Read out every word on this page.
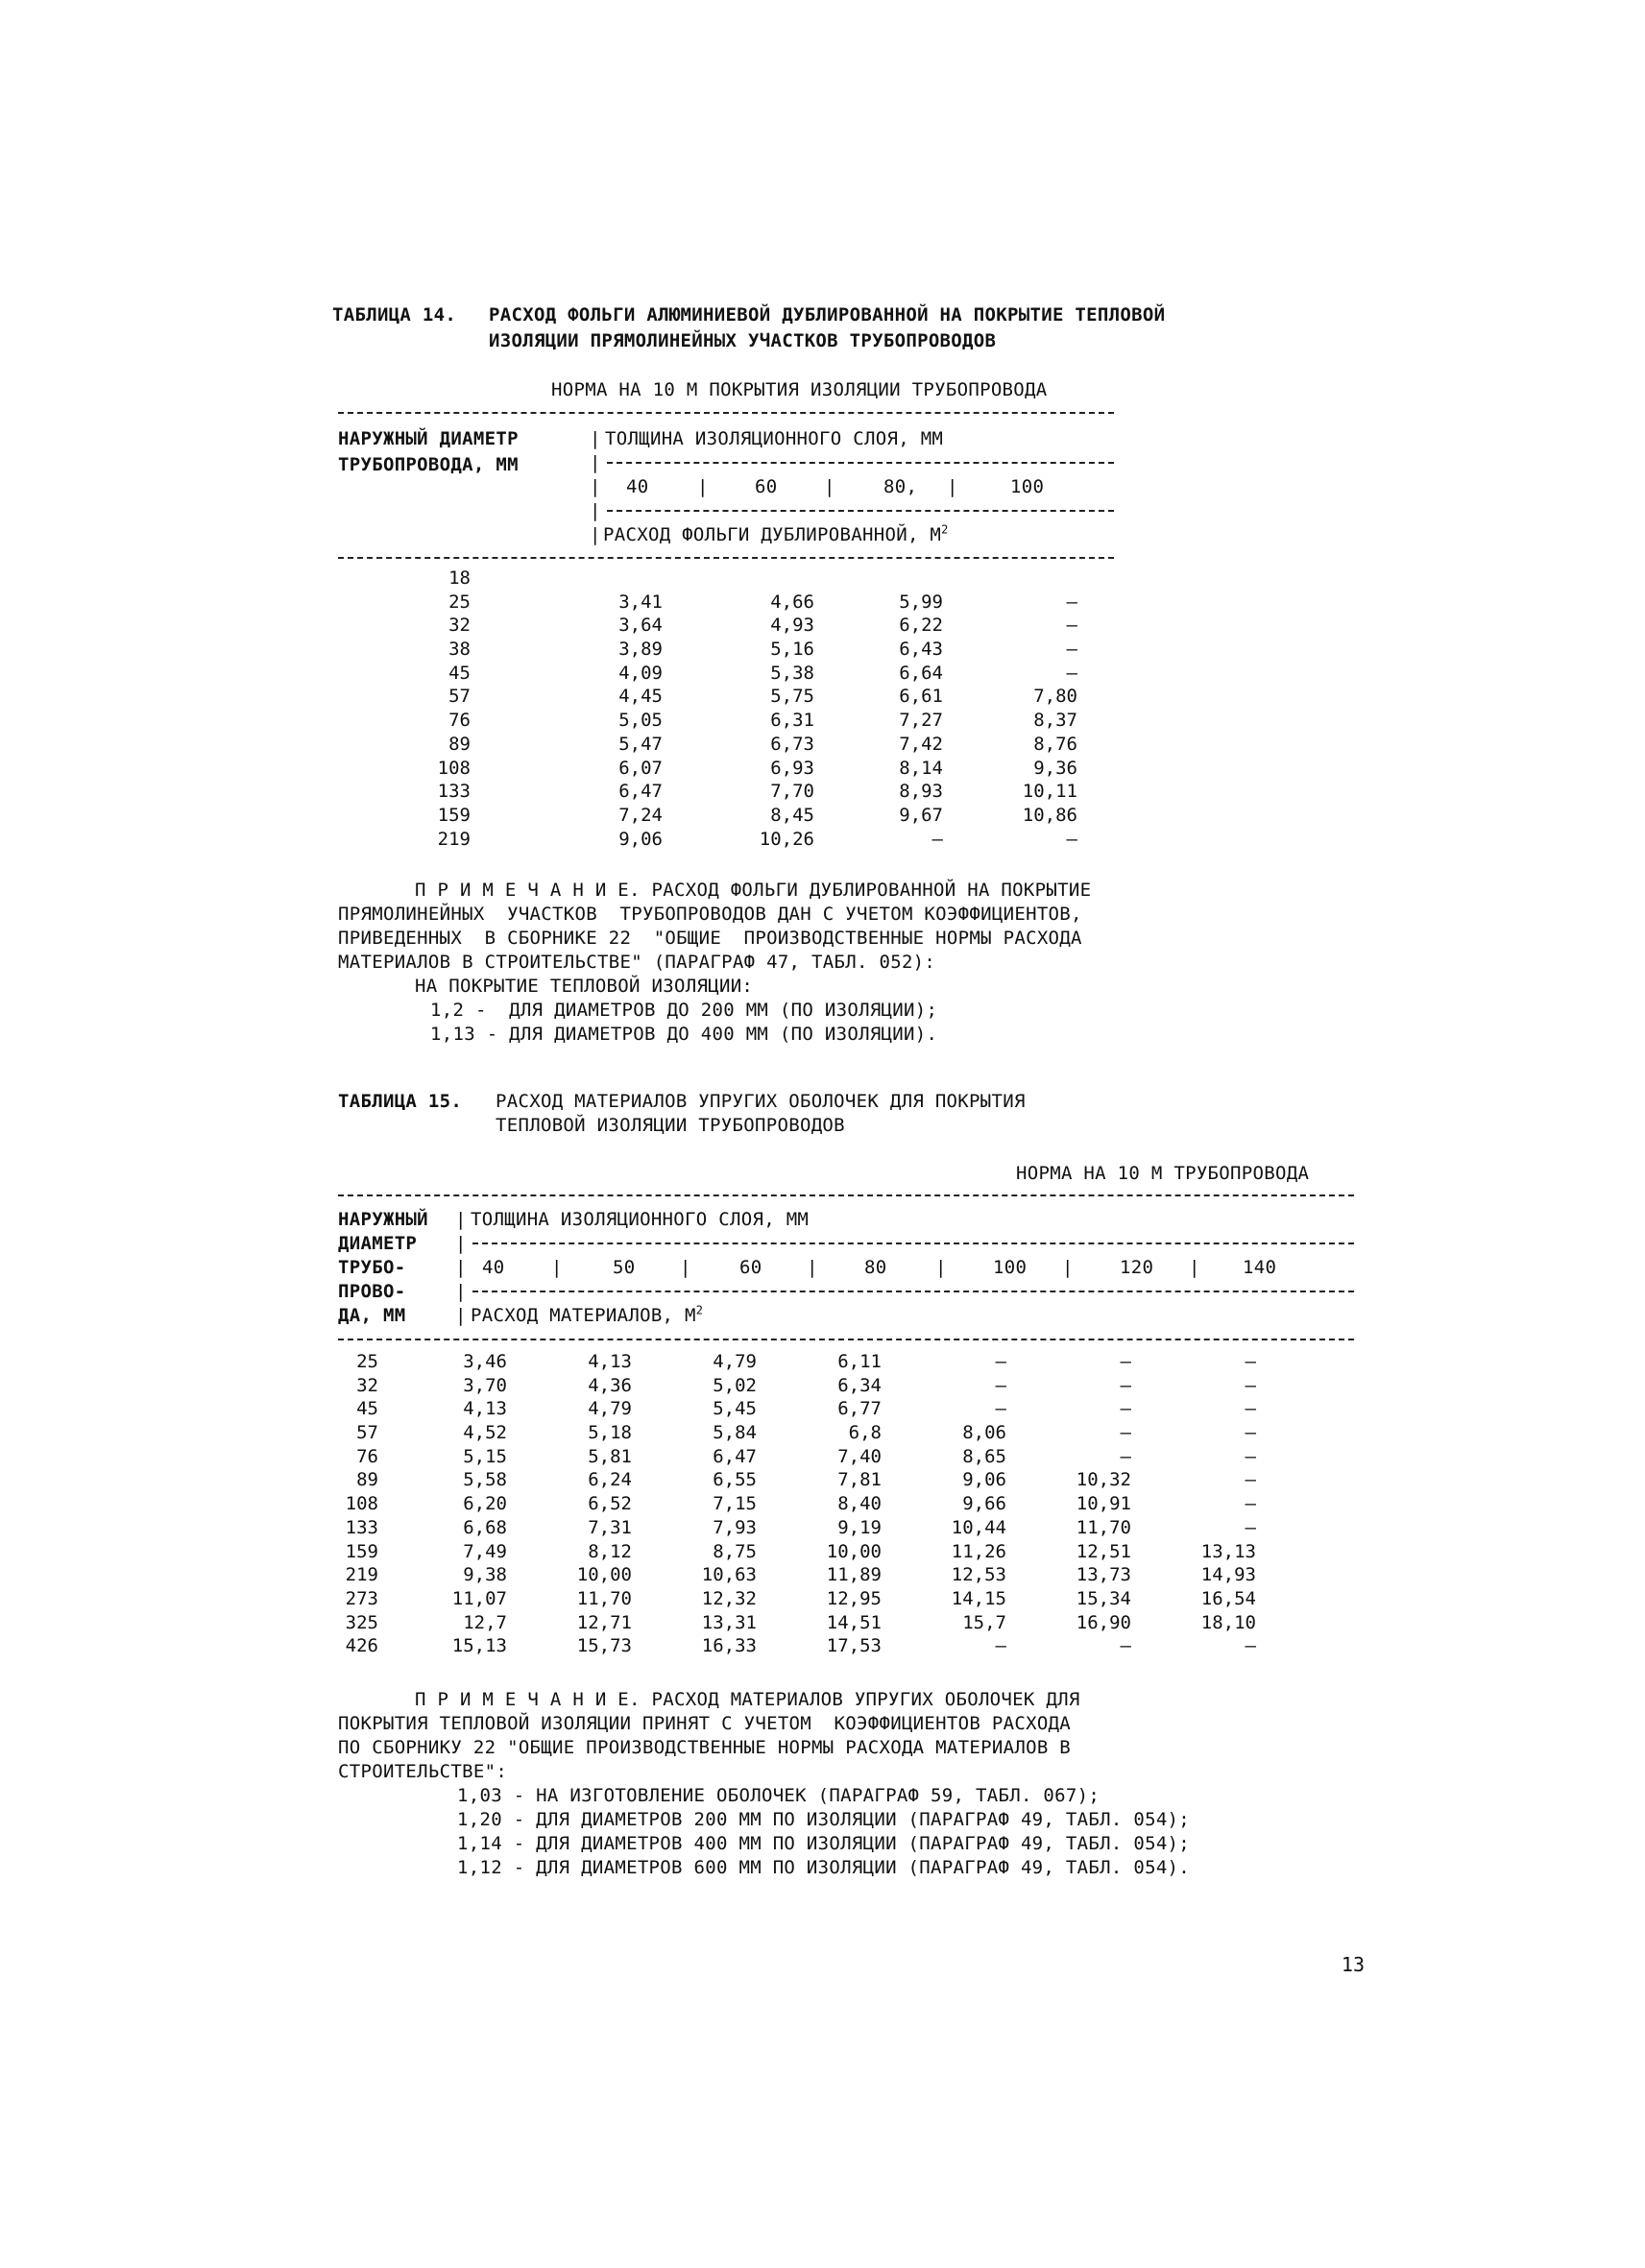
ТАБЛИЦА 14. РАСХОД ФОЛЬГИ АЛЮМИНИЕВОЙ ДУБЛИРОВАННОЙ НА ПОКРЫТИЕ ТЕПЛОВОЙ
ИЗОЛЯЦИИ ПРЯМОЛИНЕЙНЫХ УЧАСТКОВ ТРУБОПРОВОДОВ
НОРМА НА 10 М ПОКРЫТИЯ ИЗОЛЯЦИИ ТРУБОПРОВОДА
НАРУЖНЫЙ ДИАМЕТР
ТРУБОПРОВОДА, ММ
| ТОЛЩИНА ИЗОЛЯЦИОННОГО СЛОЯ, ММ
|
| 40	|	60	|	80, |	100
|
| РАСХОД ФОЛЬГИ ДУБЛИРОВАННОЙ, $М^2$
18
25	3,41	4,66	5,99	–
32	3,64	4,93	6,22	–
38	3,89	5,16	6,43	–
45	4,09	5,38	6,64	–
57	4,45	5,75	6,61	7,80
76	5,05	6,31	7,27	8,37
89	5,47	6,73	7,42	8,76
108	6,07	6,93	8,14	9,36
133	6,47	7,70	8,93	10,11
159	7,24	8,45	9,67	10,86
219	9,06	10,26	–	–
П Р И М Е Ч А Н И Е. РАСХОД ФОЛЬГИ ДУБЛИРОВАННОЙ НА ПОКРЫТИЕ
ПРЯМОЛИНЕЙНЫХ  УЧАСТКОВ  ТРУБОПРОВОДОВ ДАН С УЧЕТОМ КОЭФФИЦИЕНТОВ,
ПРИВЕДЕННЫХ  В СБОРНИКЕ 22  "ОБЩИЕ  ПРОИЗВОДСТВЕННЫЕ НОРМЫ РАСХОДА
МАТЕРИАЛОВ В СТРОИТЕЛЬСТВЕ" (ПАРАГРАФ 47, ТАБЛ. 052):
НА ПОКРЫТИЕ ТЕПЛОВОЙ ИЗОЛЯЦИИ:
1,2 -  ДЛЯ ДИАМЕТРОВ ДО 200 ММ (ПО ИЗОЛЯЦИИ);
1,13 - ДЛЯ ДИАМЕТРОВ ДО 400 ММ (ПО ИЗОЛЯЦИИ).
ТАБЛИЦА 15. РАСХОД МАТЕРИАЛОВ УПРУГИХ ОБОЛОЧЕК ДЛЯ ПОКРЫТИЯ
ТЕПЛОВОЙ ИЗОЛЯЦИИ ТРУБОПРОВОДОВ
НОРМА НА 10 М ТРУБОПРОВОДА
НАРУЖНЫЙ
ДИАМЕТР
ТРУБО-
ПРОВО-
ДА, ММ
| ТОЛЩИНА ИЗОЛЯЦИОННОГО СЛОЯ, ММ
|
| 40	|	50 |	60 |	80	|	100 |	120 | 140
|
| РАСХОД МАТЕРИАЛОВ, $М^2$
25	3,46	4,13	4,79	6,11	–	–	–
32	3,70	4,36	5,02	6,34	–	–	–
45	4,13	4,79	5,45	6,77	–	–	–
57	4,52	5,18	5,84	6,8	8,06	–	–
76	5,15	5,81	6,47	7,40	8,65	–	–
89	5,58	6,24	6,55	7,81	9,06	10,32	–
108	6,20	6,52	7,15	8,40	9,66	10,91	–
133	6,68	7,31	7,93	9,19	10,44	11,70	–
159	7,49	8,12	8,75	10,00	11,26	12,51	13,13
219	9,38	10,00	10,63	11,89	12,53	13,73	14,93
273	11,07	11,70	12,32	12,95	14,15	15,34	16,54
325	12,7	12,71	13,31	14,51	15,7	16,90	18,10
426	15,13	15,73	16,33	17,53	–	–	–
П Р И М Е Ч А Н И Е. РАСХОД МАТЕРИАЛОВ УПРУГИХ ОБОЛОЧЕК ДЛЯ
ПОКРЫТИЯ ТЕПЛОВОЙ ИЗОЛЯЦИИ ПРИНЯТ С УЧЕТОМ  КОЭФФИЦИЕНТОВ РАСХОДА
ПО СБОРНИКУ 22 "ОБЩИЕ ПРОИЗВОДСТВЕННЫЕ НОРМЫ РАСХОДА МАТЕРИАЛОВ В
СТРОИТЕЛЬСТВЕ":
1,03 - НА ИЗГОТОВЛЕНИЕ ОБОЛОЧЕК (ПАРАГРАФ 59, ТАБЛ. 067);
1,20 - ДЛЯ ДИАМЕТРОВ 200 ММ ПО ИЗОЛЯЦИИ (ПАРАГРАФ 49, ТАБЛ. 054);
1,14 - ДЛЯ ДИАМЕТРОВ 400 ММ ПО ИЗОЛЯЦИИ (ПАРАГРАФ 49, ТАБЛ. 054);
1,12 - ДЛЯ ДИАМЕТРОВ 600 ММ ПО ИЗОЛЯЦИИ (ПАРАГРАФ 49, ТАБЛ. 054).
13
